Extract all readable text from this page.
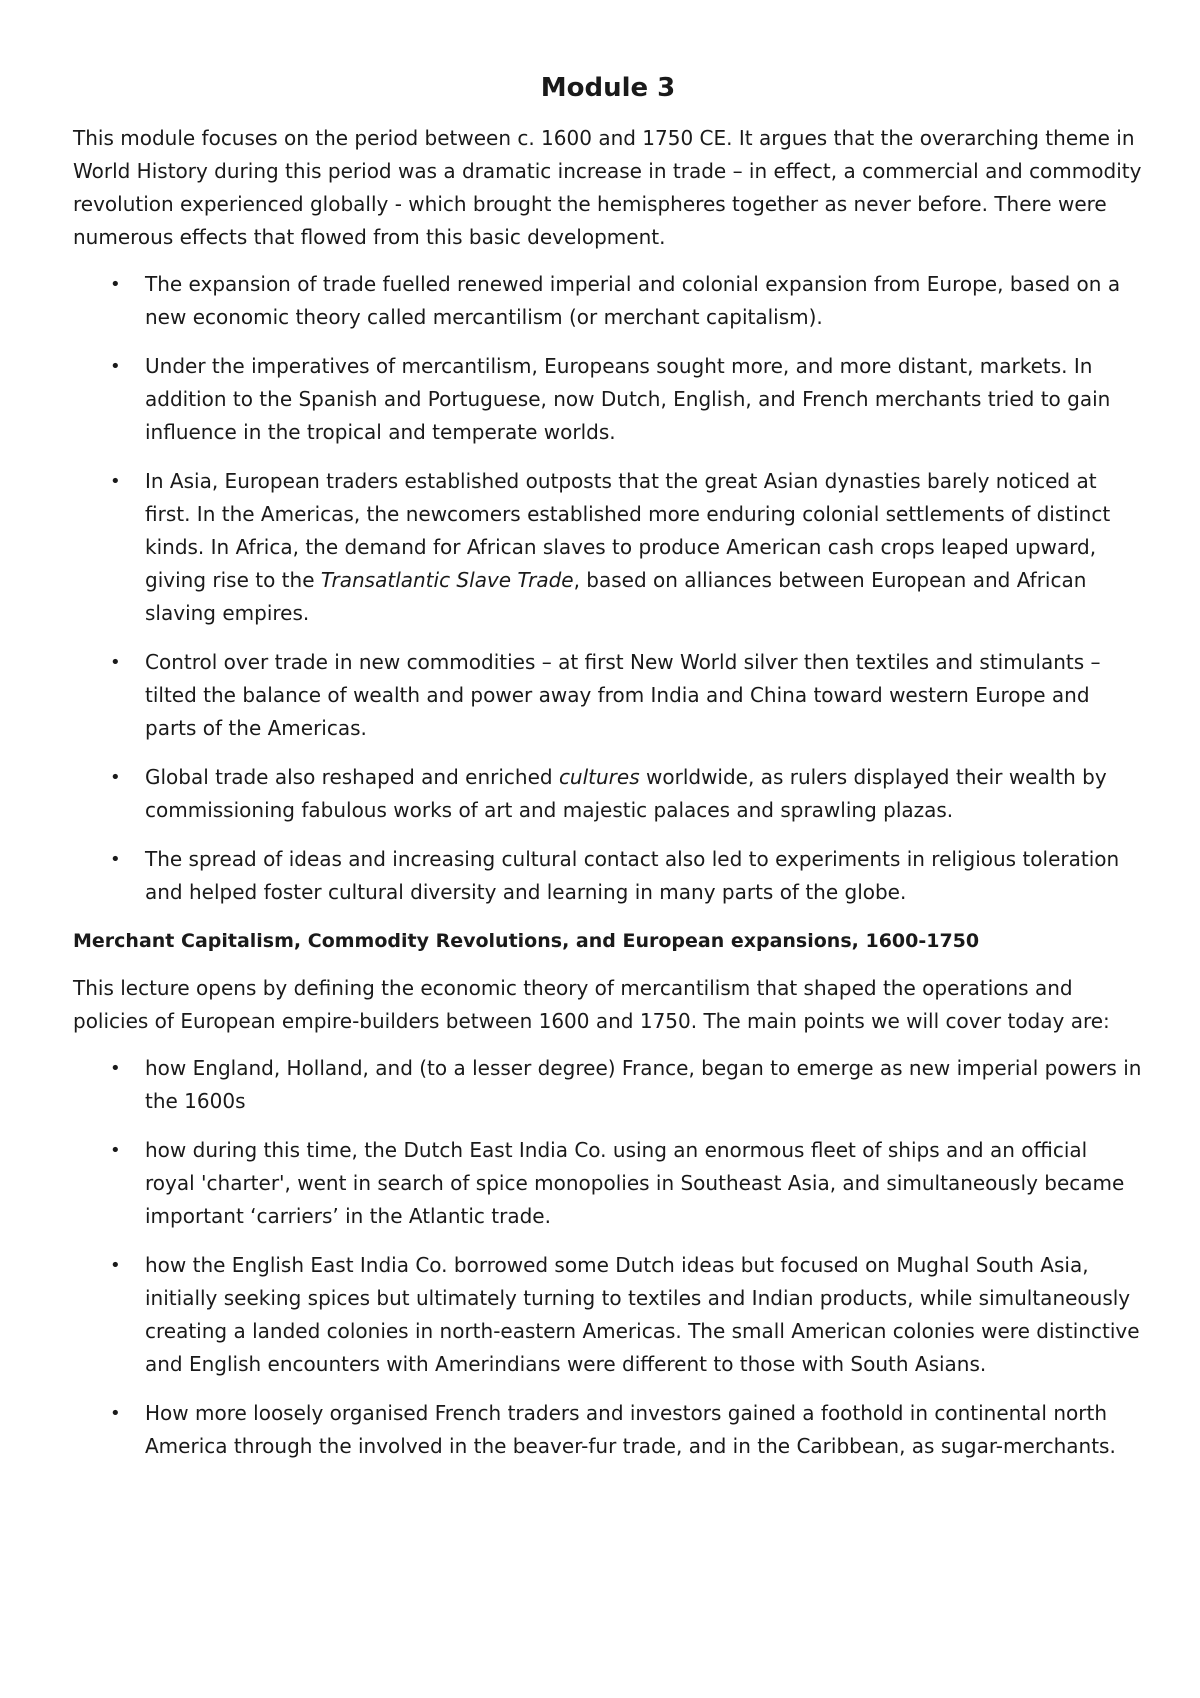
Module 3

This module focuses on the period between c. 1600 and 1750 CE. It argues that the overarching theme in World History during this period was a dramatic increase in trade – in effect, a commercial and commodity revolution experienced globally - which brought the hemispheres together as never before. There were numerous effects that flowed from this basic development.

• The expansion of trade fuelled renewed imperial and colonial expansion from Europe, based on a new economic theory called mercantilism (or merchant capitalism).
• Under the imperatives of mercantilism, Europeans sought more, and more distant, markets. In addition to the Spanish and Portuguese, now Dutch, English, and French merchants tried to gain influence in the tropical and temperate worlds.
• In Asia, European traders established outposts that the great Asian dynasties barely noticed at first. In the Americas, the newcomers established more enduring colonial settlements of distinct kinds. In Africa, the demand for African slaves to produce American cash crops leaped upward, giving rise to the Transatlantic Slave Trade, based on alliances between European and African slaving empires.
• Control over trade in new commodities – at first New World silver then textiles and stimulants – tilted the balance of wealth and power away from India and China toward western Europe and parts of the Americas.
• Global trade also reshaped and enriched cultures worldwide, as rulers displayed their wealth by commissioning fabulous works of art and majestic palaces and sprawling plazas.
• The spread of ideas and increasing cultural contact also led to experiments in religious toleration and helped foster cultural diversity and learning in many parts of the globe.
Merchant Capitalism, Commodity Revolutions, and European expansions, 1600-1750

This lecture opens by defining the economic theory of mercantilism that shaped the operations and policies of European empire-builders between 1600 and 1750. The main points we will cover today are:

• how England, Holland, and (to a lesser degree) France, began to emerge as new imperial powers in the 1600s
• how during this time, the Dutch East India Co. using an enormous fleet of ships and an official royal 'charter', went in search of spice monopolies in Southeast Asia, and simultaneously became important ‘carriers’ in the Atlantic trade.
• how the English East India Co. borrowed some Dutch ideas but focused on Mughal South Asia, initially seeking spices but ultimately turning to textiles and Indian products, while simultaneously creating a landed colonies in north-eastern Americas. The small American colonies were distinctive and English encounters with Amerindians were different to those with South Asians.
• How more loosely organised French traders and investors gained a foothold in continental north America through the involved in the beaver-fur trade, and in the Caribbean, as sugar-merchants.
